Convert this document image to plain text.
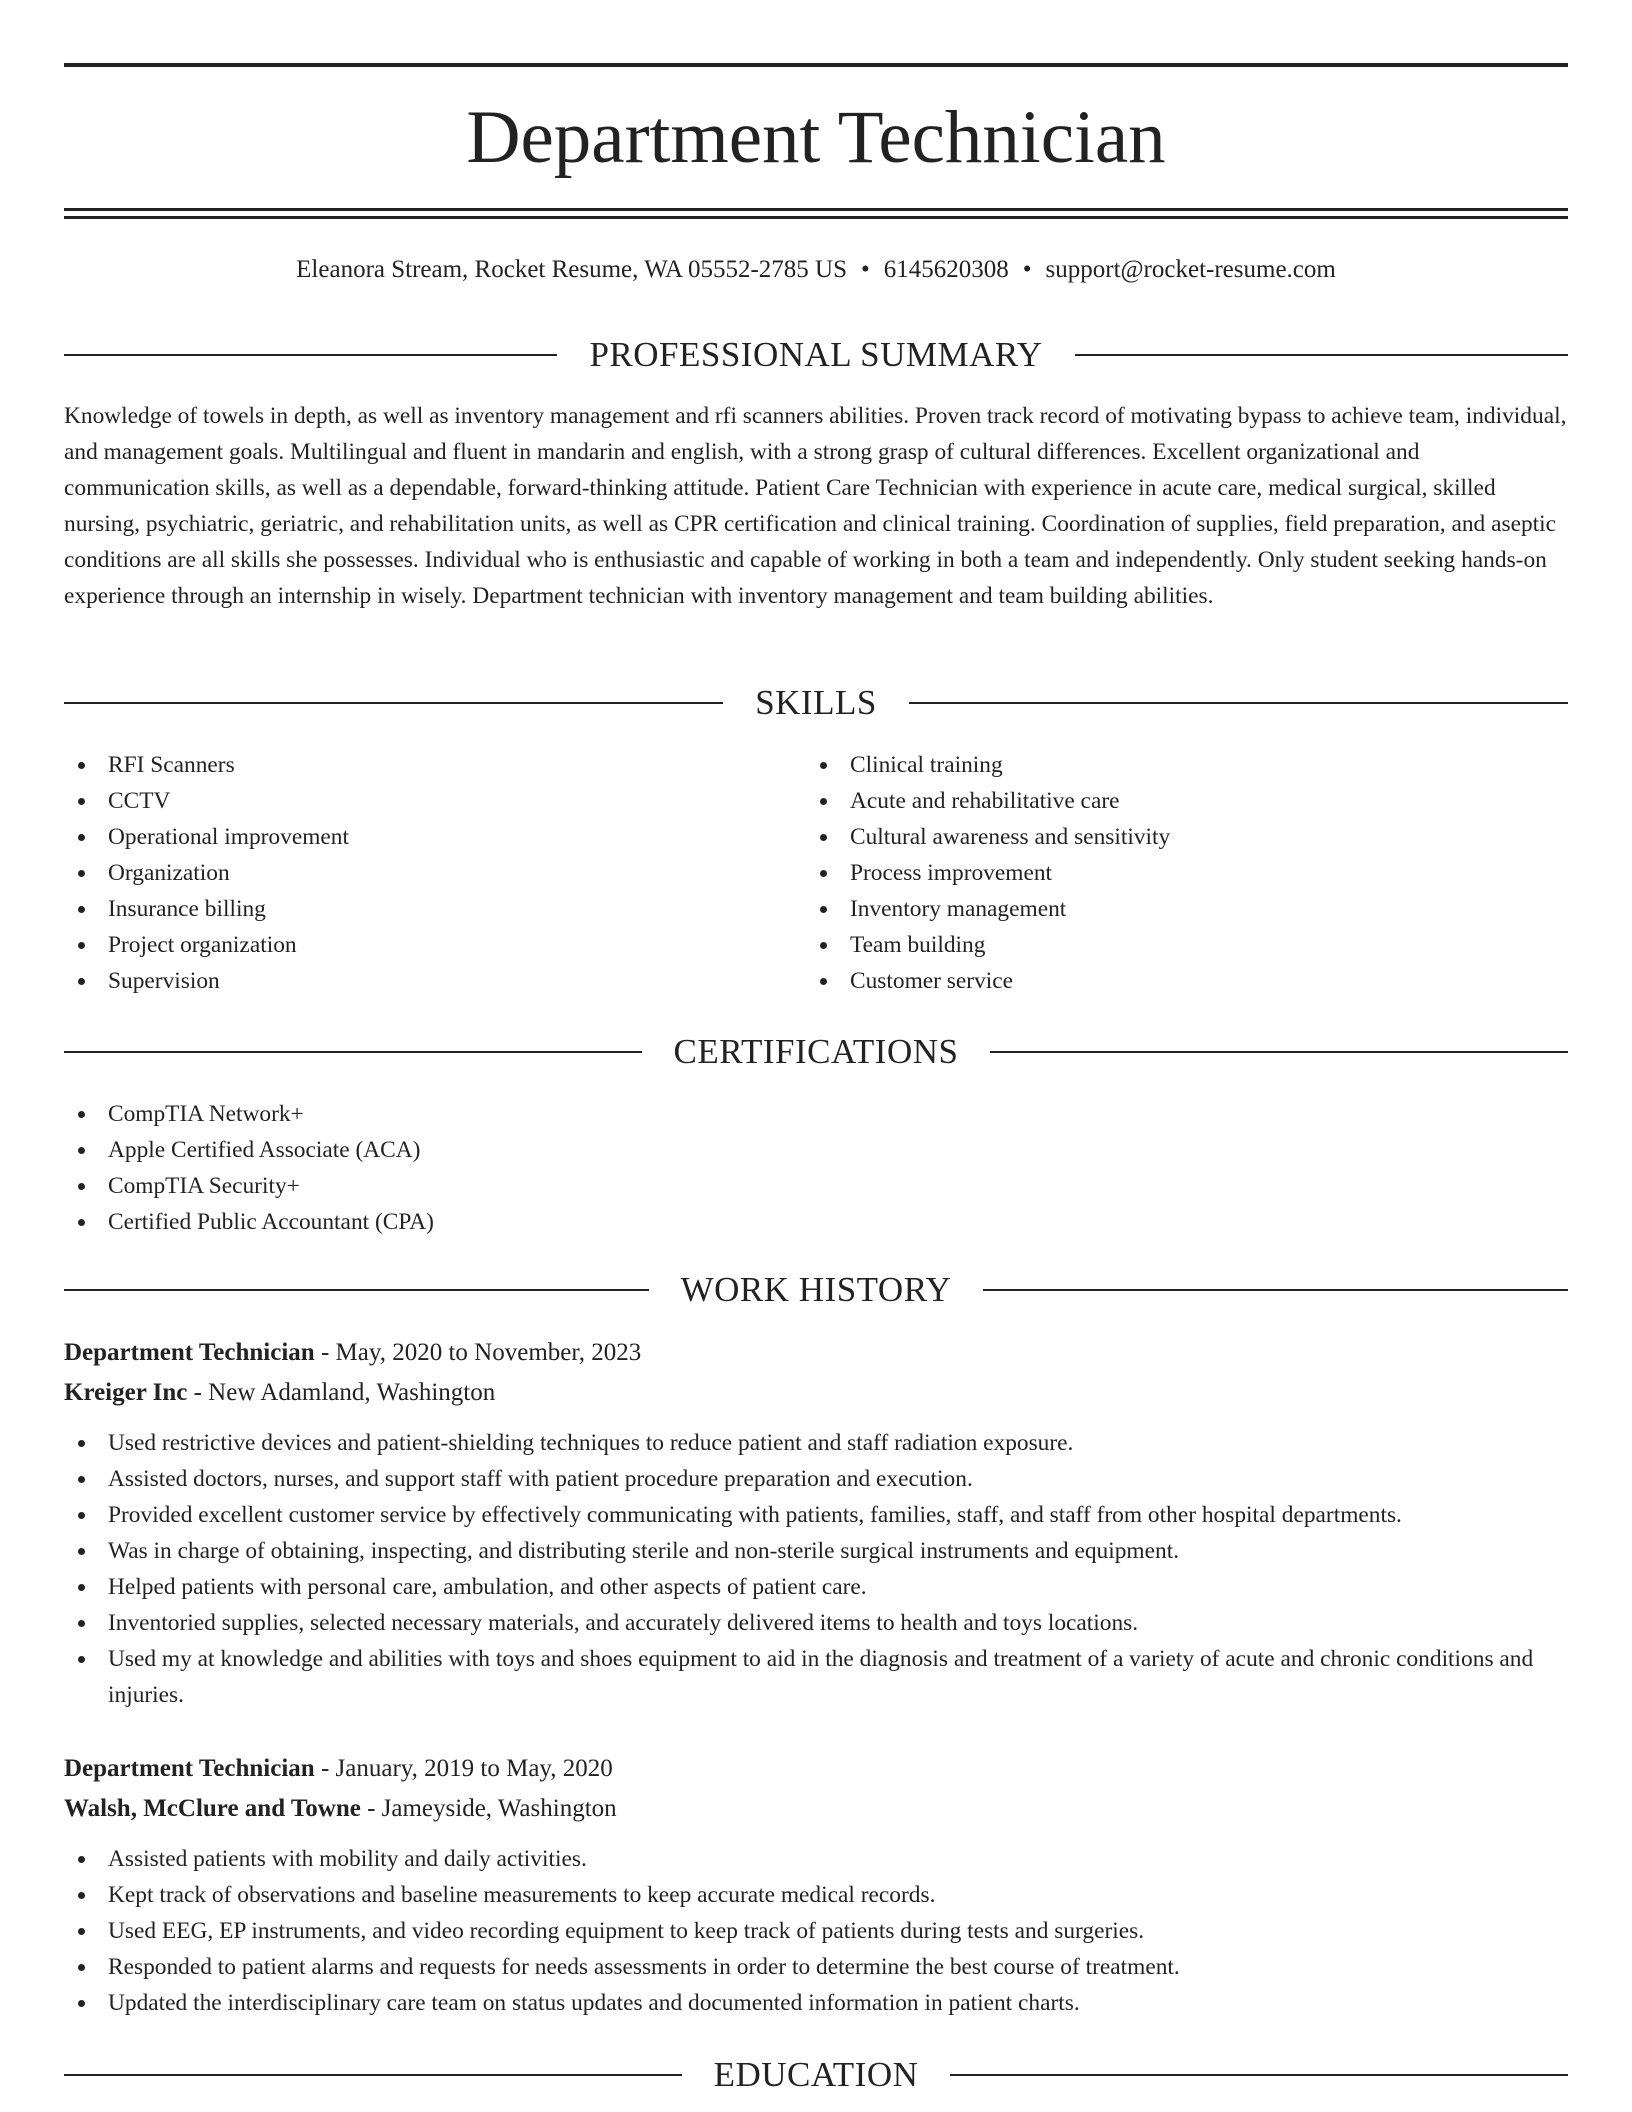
Department Technician
Eleanora Stream, Rocket Resume, WA 05552-2785 US • 6145620308 • support@rocket-resume.com
PROFESSIONAL SUMMARY

Knowledge of towels in depth, as well as inventory management and rfi scanners abilities. Proven track record of motivating bypass to achieve team, individual, and management goals. Multilingual and fluent in mandarin and english, with a strong grasp of cultural differences. Excellent organizational and communication skills, as well as a dependable, forward-thinking attitude. Patient Care Technician with experience in acute care, medical surgical, skilled nursing, psychiatric, geriatric, and rehabilitation units, as well as CPR certification and clinical training. Coordination of supplies, field preparation, and aseptic conditions are all skills she possesses. Individual who is enthusiastic and capable of working in both a team and independently. Only student seeking hands-on experience through an internship in wisely. Department technician with inventory management and team building abilities.

SKILLS
RFI Scanners
CCTV
Operational improvement
Organization
Insurance billing
Project organization
Supervision
Clinical training
Acute and rehabilitative care
Cultural awareness and sensitivity
Process improvement
Inventory management
Team building
Customer service
CERTIFICATIONS
CompTIA Network+
Apple Certified Associate (ACA)
CompTIA Security+
Certified Public Accountant (CPA)
WORK HISTORY
Department Technician - May, 2020 to November, 2023
Kreiger Inc - New Adamland, Washington
Used restrictive devices and patient-shielding techniques to reduce patient and staff radiation exposure.
Assisted doctors, nurses, and support staff with patient procedure preparation and execution.
Provided excellent customer service by effectively communicating with patients, families, staff, and staff from other hospital departments.
Was in charge of obtaining, inspecting, and distributing sterile and non-sterile surgical instruments and equipment.
Helped patients with personal care, ambulation, and other aspects of patient care.
Inventoried supplies, selected necessary materials, and accurately delivered items to health and toys locations.
Used my at knowledge and abilities with toys and shoes equipment to aid in the diagnosis and treatment of a variety of acute and chronic conditions and injuries.
Department Technician - January, 2019 to May, 2020
Walsh, McClure and Towne - Jameyside, Washington
Assisted patients with mobility and daily activities.
Kept track of observations and baseline measurements to keep accurate medical records.
Used EEG, EP instruments, and video recording equipment to keep track of patients during tests and surgeries.
Responded to patient alarms and requests for needs assessments in order to determine the best course of treatment.
Updated the interdisciplinary care team on status updates and documented information in patient charts.
EDUCATION
